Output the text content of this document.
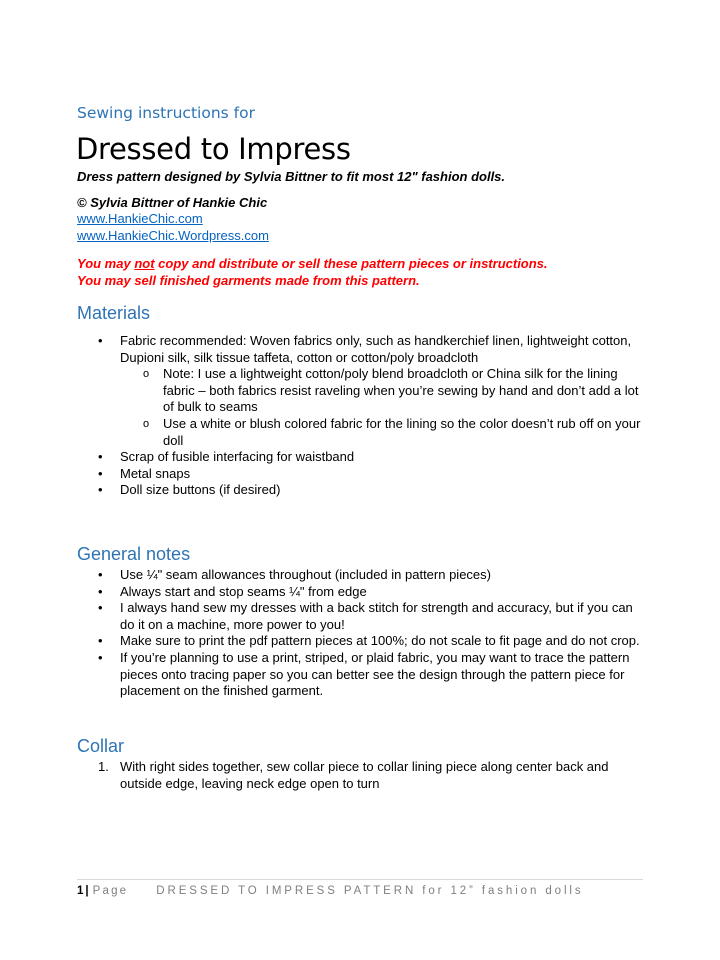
Sewing instructions for

Dressed to Impress

Dress pattern designed by Sylvia Bittner to fit most 12" fashion dolls.

© Sylvia Bittner of Hankie Chic

www.HankieChic.com
www.HankieChic.Wordpress.com

You may not copy and distribute or sell these pattern pieces or instructions.
You may sell finished garments made from this pattern.

Materials
• Fabric recommended: Woven fabrics only, such as handkerchief linen, lightweight cotton, Dupioni silk, silk tissue taffeta, cotton or cotton/poly broadcloth
o Note: I use a lightweight cotton/poly blend broadcloth or China silk for the lining fabric – both fabrics resist raveling when you’re sewing by hand and don’t add a lot of bulk to seams
o Use a white or blush colored fabric for the lining so the color doesn’t rub off on your doll
• Scrap of fusible interfacing for waistband
• Metal snaps
• Doll size buttons (if desired)
General notes
• Use ¼" seam allowances throughout (included in pattern pieces)
• Always start and stop seams ¼" from edge
• I always hand sew my dresses with a back stitch for strength and accuracy, but if you can do it on a machine, more power to you!
• Make sure to print the pdf pattern pieces at 100%; do not scale to fit page and do not crop.
• If you’re planning to use a print, striped, or plaid fabric, you may want to trace the pattern pieces onto tracing paper so you can better see the design through the pattern piece for placement on the finished garment.
Collar
1. With right sides together, sew collar piece to collar lining piece along center back and outside edge, leaving neck edge open to turn
1 | Page DRESSED TO IMPRESS PATTERN for 12” fashion dolls
